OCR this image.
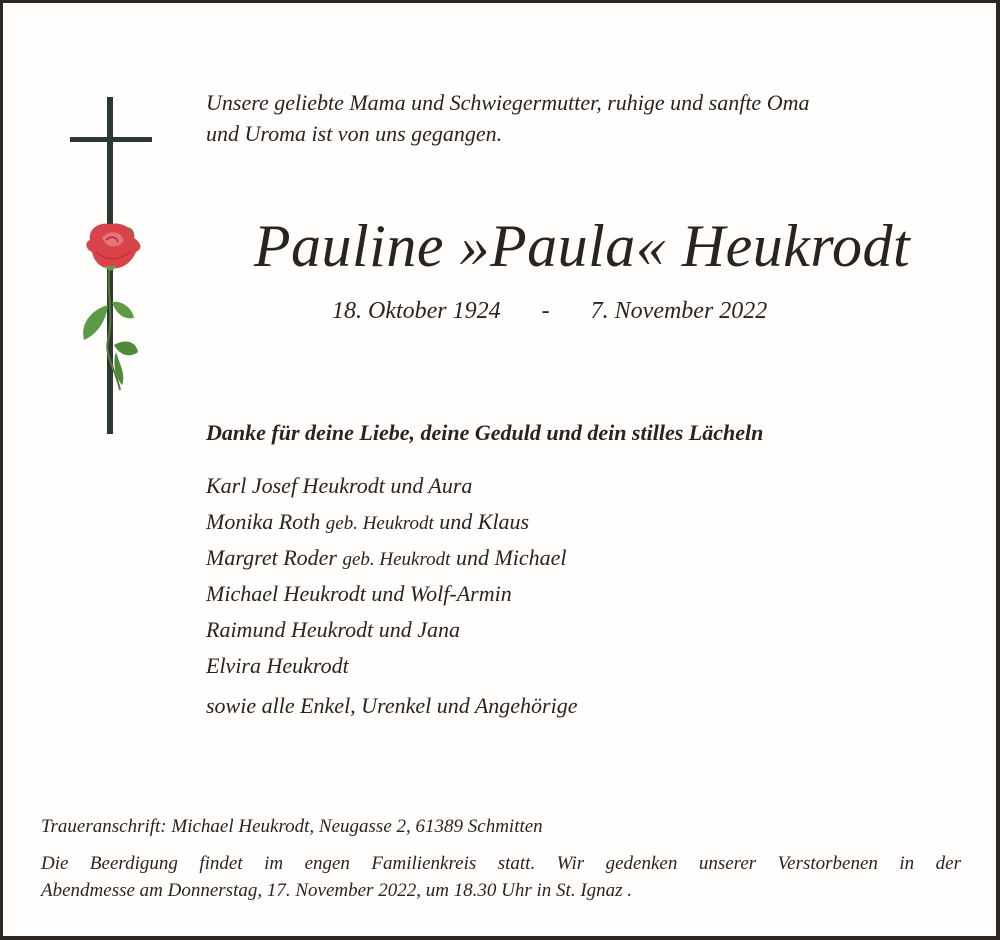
Unsere geliebte Mama und Schwiegermutter, ruhige und sanfte Oma
und Uroma ist von uns gegangen.
Pauline »Paula« Heukrodt
18. Oktober 1924 - 7. November 2022
Danke für deine Liebe, deine Geduld und dein stilles Lächeln
Karl Josef Heukrodt und Aura
Monika Roth geb. Heukrodt und Klaus
Margret Roder geb. Heukrodt und Michael
Michael Heukrodt und Wolf-Armin
Raimund Heukrodt und Jana
Elvira Heukrodt
sowie alle Enkel, Urenkel und Angehörige
Traueranschrift: Michael Heukrodt, Neugasse 2, 61389 Schmitten
Die Beerdigung findet im engen Familienkreis statt. Wir gedenken unserer Verstorbenen in der
Abendmesse am Donnerstag, 17. November 2022, um 18.30 Uhr in St. Ignaz .
